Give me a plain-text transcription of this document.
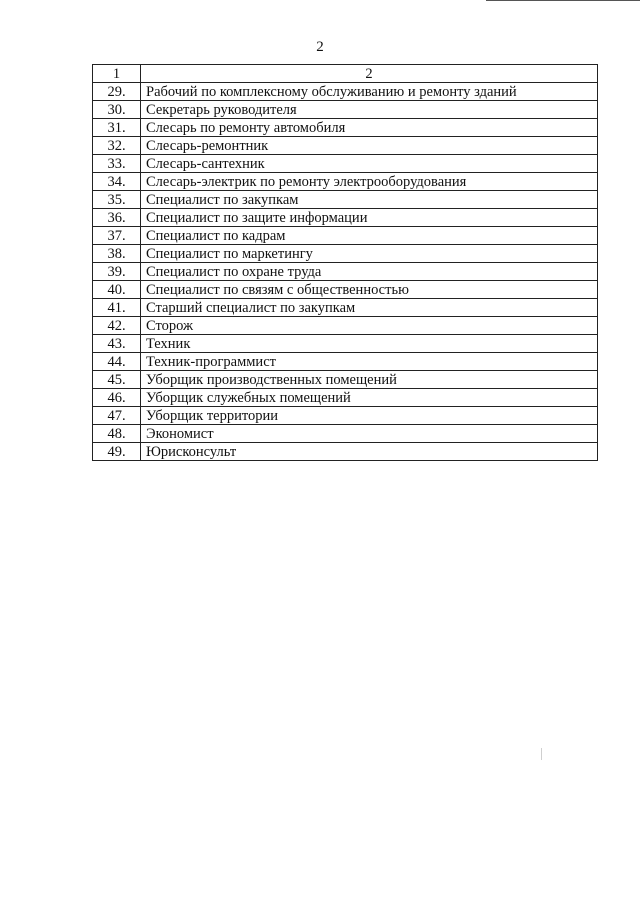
2
1	2
29.	Рабочий по комплексному обслуживанию и ремонту зданий
30.	Секретарь руководителя
31.	Слесарь по ремонту автомобиля
32.	Слесарь-ремонтник
33.	Слесарь-сантехник
34.	Слесарь-электрик по ремонту электрооборудования
35.	Специалист по закупкам
36.	Специалист по защите информации
37.	Специалист по кадрам
38.	Специалист по маркетингу
39.	Специалист по охране труда
40.	Специалист по связям с общественностью
41.	Старший специалист по закупкам
42.	Сторож
43.	Техник
44.	Техник-программист
45.	Уборщик производственных помещений
46.	Уборщик служебных помещений
47.	Уборщик территории
48.	Экономист
49.	Юрисконсульт
